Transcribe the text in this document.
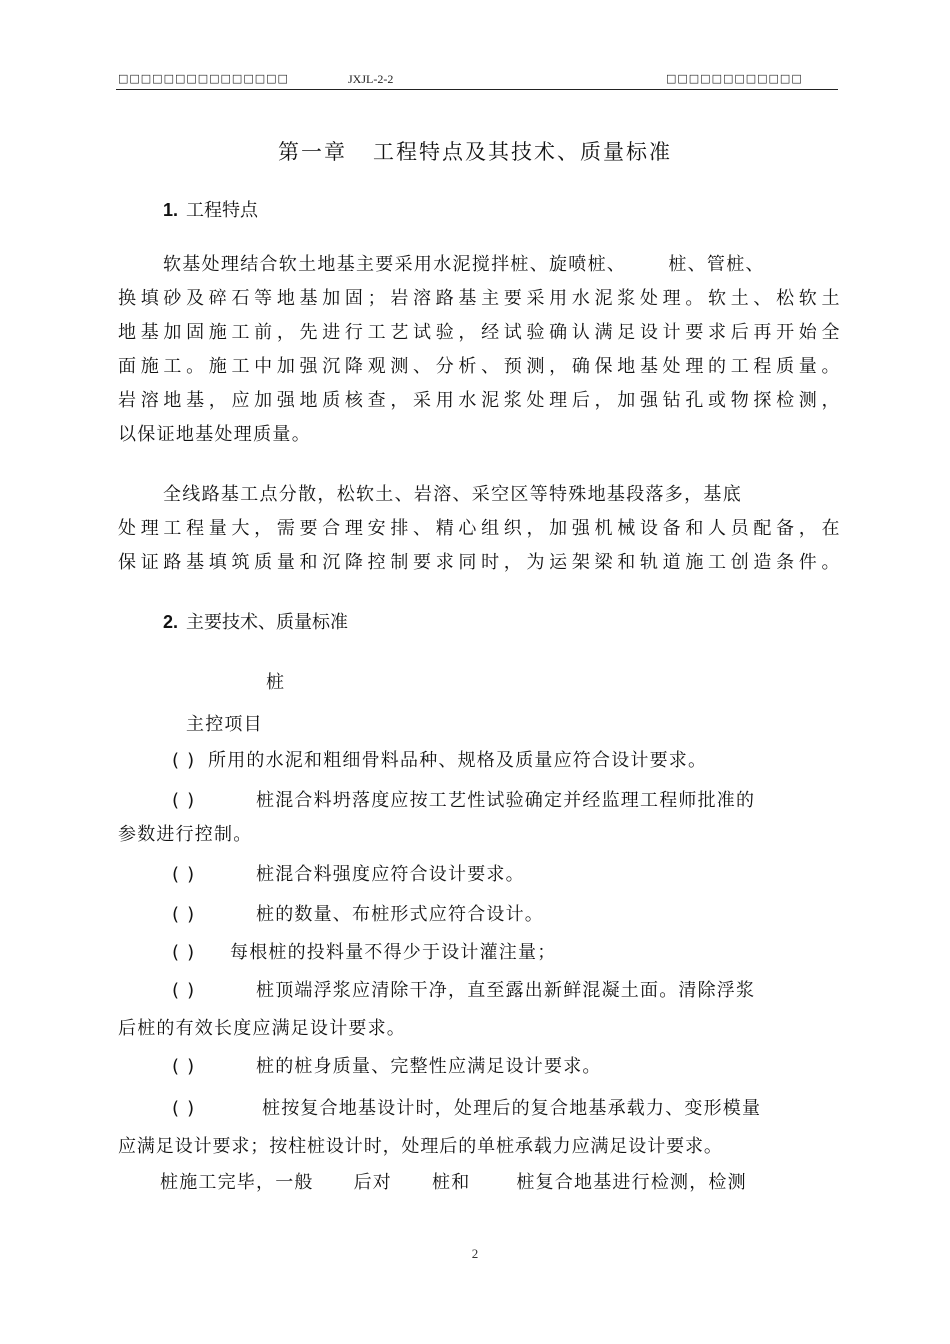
□□□□□□□□□□□□□□□	JXJL-2-2	□□□□□□□□□□□□
第一章 工程特点及其技术、质量标准
1. 工程特点
软基处理结合软土地基主要采用水泥搅拌桩、旋喷桩、      桩、管桩、
换填砂及碎石等地基加固；岩溶路基主要采用水泥浆处理。软土、松软土
地基加固施工前，先进行工艺试验，经试验确认满足设计要求后再开始全
面施工。施工中加强沉降观测、分析、预测，确保地基处理的工程质量。
岩溶地基，应加强地质核查，采用水泥浆处理后，加强钻孔或物探检测，
以保证地基处理质量。
全线路基工点分散，松软土、岩溶、采空区等特殊地基段落多，基底
处理工程量大，需要合理安排、精心组织，加强机械设备和人员配备，在
保证路基填筑质量和沉降控制要求同时，为运架梁和轨道施工创造条件。
2. 主要技术、质量标准
桩
主控项目
( ) 所用的水泥和粗细骨料品种、规格及质量应符合设计要求。
( )	桩混合料坍落度应按工艺性试验确定并经监理工程师批准的
参数进行控制。
( )	桩混合料强度应符合设计要求。
( )	桩的数量、布桩形式应符合设计。
( ) 每根桩的投料量不得少于设计灌注量；
( )	桩顶端浮浆应清除干净，直至露出新鲜混凝土面。清除浮浆
后桩的有效长度应满足设计要求。
( )	桩的桩身质量、完整性应满足设计要求。
( )	桩按复合地基设计时，处理后的复合地基承载力、变形模量
应满足设计要求；按柱桩设计时，处理后的单桩承载力应满足设计要求。
桩施工完毕，一般 后对 桩和	桩复合地基进行检测，检测
2
